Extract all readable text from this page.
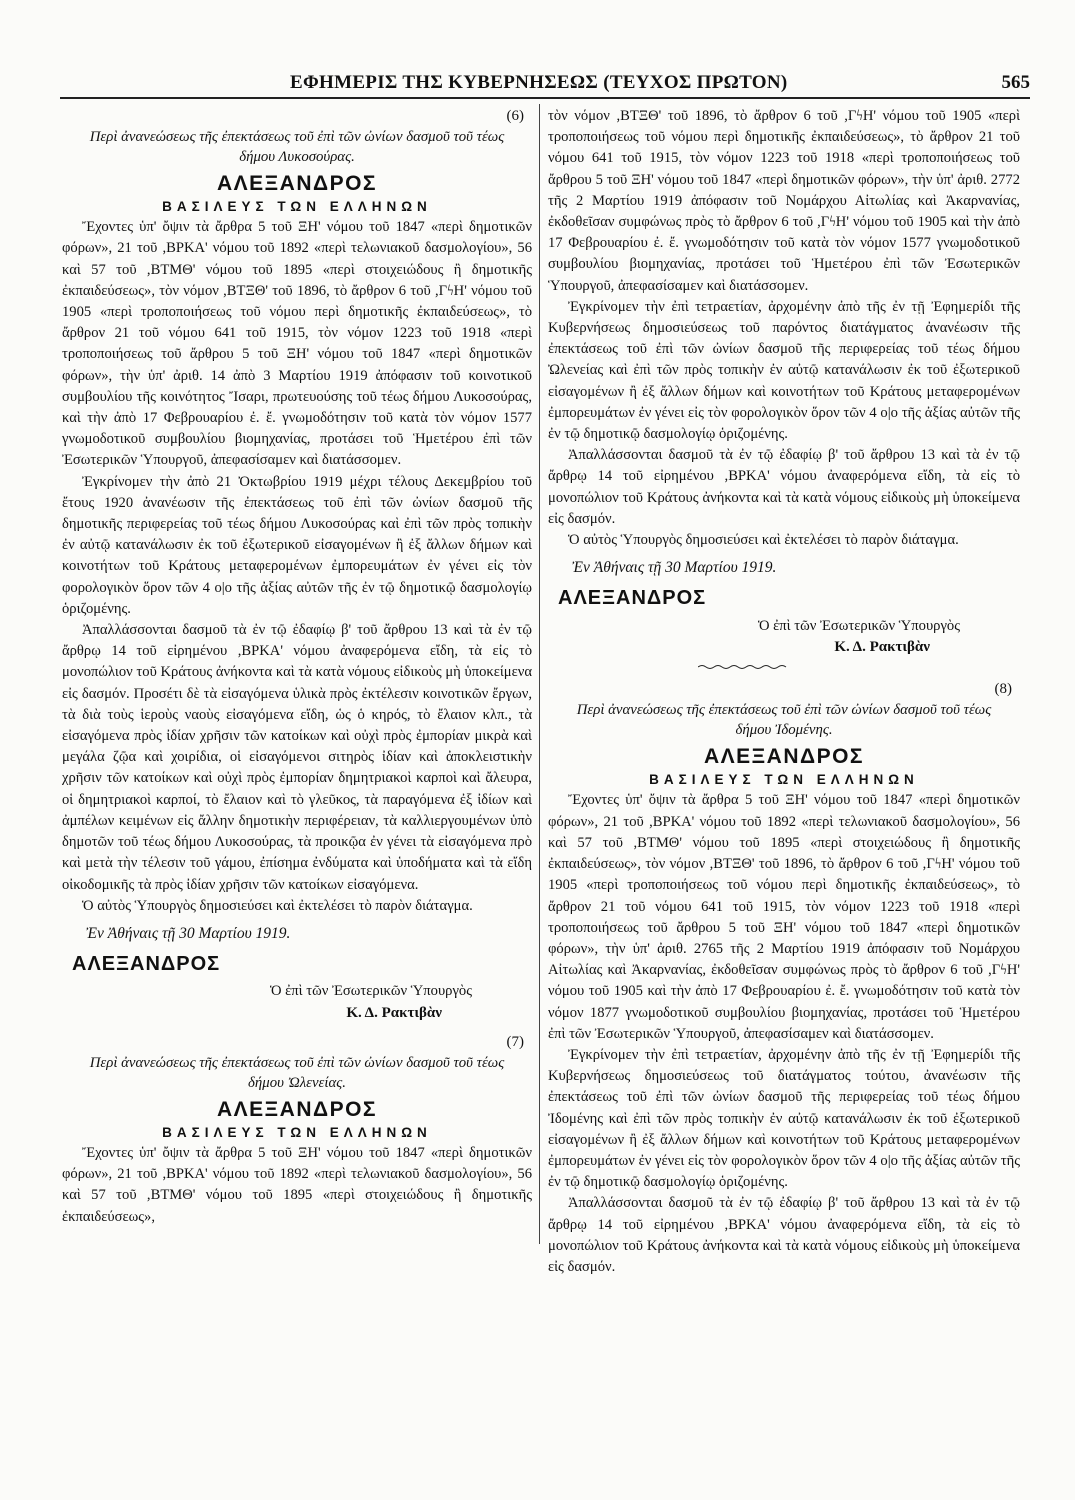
ΕΦΗΜΕΡΙΣ ΤΗΣ ΚΥΒΕΡΝΗΣΕΩΣ (ΤΕΥΧΟΣ ΠΡΩΤΟΝ)	565
(6)
Περὶ ἀνανεώσεως τῆς ἐπεκτάσεως τοῦ ἐπὶ τῶν ὠνίων δασμοῦ τοῦ τέως δήμου Λυκοσούρας.
ΑΛΕΞΑΝΔΡΟΣ
ΒΑΣΙΛΕΥΣ ΤΩΝ ΕΛΛΗΝΩΝ

Ἔχοντες ὑπ' ὄψιν τὰ ἄρθρα 5 τοῦ ΞΗ' νόμου τοῦ 1847 «περὶ δημοτικῶν φόρων», 21 τοῦ ,ΒΡΚΑ' νόμου τοῦ 1892 «περὶ τελωνιακοῦ δασμολογίου», 56 καὶ 57 τοῦ ,ΒΤΜΘ' νόμου τοῦ 1895 «περὶ στοιχειώδους ἢ δημοτικῆς ἐκπαιδεύσεως», τὸν νόμον ,ΒΤΞΘ' τοῦ 1896, τὸ ἄρθρον 6 τοῦ ,ΓϟΗ' νόμου τοῦ 1905 «περὶ τροποποιήσεως τοῦ νόμου περὶ δημοτικῆς ἐκπαιδεύσεως», τὸ ἄρθρον 21 τοῦ νόμου 641 τοῦ 1915, τὸν νόμον 1223 τοῦ 1918 «περὶ τροποποιήσεως τοῦ ἄρθρου 5 τοῦ ΞΗ' νόμου τοῦ 1847 «περὶ δημοτικῶν φόρων», τὴν ὑπ' ἀριθ. 14 ἀπὸ 3 Μαρτίου 1919 ἀπόφασιν τοῦ κοινοτικοῦ συμβουλίου τῆς κοινότητος Ἴσαρι, πρωτευούσης τοῦ τέως δήμου Λυκοσούρας, καὶ τὴν ἀπὸ 17 Φεβρουαρίου ἐ. ἔ. γνωμοδότησιν τοῦ κατὰ τὸν νόμον 1577 γνωμοδοτικοῦ συμβουλίου βιομηχανίας, προτάσει τοῦ Ἡμετέρου ἐπὶ τῶν Ἐσωτερικῶν Ὑπουργοῦ, ἀπεφασίσαμεν καὶ διατάσσομεν.

Ἐγκρίνομεν τὴν ἀπὸ 21 Ὀκτωβρίου 1919 μέχρι τέλους Δεκεμβρίου τοῦ ἔτους 1920 ἀνανέωσιν τῆς ἐπεκτάσεως τοῦ ἐπὶ τῶν ὠνίων δασμοῦ τῆς δημοτικῆς περιφερείας τοῦ τέως δήμου Λυκοσούρας καὶ ἐπὶ τῶν πρὸς τοπικὴν ἐν αὐτῷ κατανάλωσιν ἐκ τοῦ ἐξωτερικοῦ εἰσαγομένων ἢ ἐξ ἄλλων δήμων καὶ κοινοτήτων τοῦ Κράτους μεταφερομένων ἐμπορευμάτων ἐν γένει εἰς τὸν φορολογικὸν ὅρον τῶν 4 ο|ο τῆς ἀξίας αὐτῶν τῆς ἐν τῷ δημοτικῷ δασμολογίῳ ὁριζομένης.

Ἀπαλλάσσονται δασμοῦ τὰ ἐν τῷ ἐδαφίῳ β' τοῦ ἄρθρου 13 καὶ τὰ ἐν τῷ ἄρθρῳ 14 τοῦ εἰρημένου ,ΒΡΚΑ' νόμου ἀναφερόμενα εἴδη, τὰ εἰς τὸ μονοπώλιον τοῦ Κράτους ἀνήκοντα καὶ τὰ κατὰ νόμους εἰδικοὺς μὴ ὑποκείμενα εἰς δασμόν. Προσέτι δὲ τὰ εἰσαγόμενα ὑλικὰ πρὸς ἐκτέλεσιν κοινοτικῶν ἔργων, τὰ διὰ τοὺς ἱεροὺς ναοὺς εἰσαγόμενα εἴδη, ὡς ὁ κηρός, τὸ ἔλαιον κλπ., τὰ εἰσαγόμενα πρὸς ἰδίαν χρῆσιν τῶν κατοίκων καὶ οὐχὶ πρὸς ἐμπορίαν μικρὰ καὶ μεγάλα ζῷα καὶ χοιρίδια, οἱ εἰσαγόμενοι σιτηρὸς ἰδίαν καὶ ἀποκλειστικὴν χρῆσιν τῶν κατοίκων καὶ οὐχὶ πρὸς ἐμπορίαν δημητριακοὶ καρποὶ καὶ ἄλευρα, οἱ δημητριακοὶ καρποί, τὸ ἔλαιον καὶ τὸ γλεῦκος, τὰ παραγόμενα ἐξ ἰδίων καὶ ἀμπέλων κειμένων εἰς ἄλλην δημοτικὴν περιφέρειαν, τὰ καλλιεργουμένων ὑπὸ δημοτῶν τοῦ τέως δήμου Λυκοσούρας, τὰ προικῷα ἐν γένει τὰ εἰσαγόμενα πρὸ καὶ μετὰ τὴν τέλεσιν τοῦ γάμου, ἐπίσημα ἐνδύματα καὶ ὑποδήματα καὶ τὰ εἴδη οἰκοδομικῆς τὰ πρὸς ἰδίαν χρῆσιν τῶν κατοίκων εἰσαγόμενα.

Ὁ αὐτὸς Ὑπουργὸς δημοσιεύσει καὶ ἐκτελέσει τὸ παρὸν διάταγμα.

Ἐν Ἀθήναις τῇ 30 Μαρτίου 1919.
ΑΛΕΞΑΝΔΡΟΣ
Ὁ ἐπὶ τῶν Ἐσωτερικῶν Ὑπουργὸς
Κ. Δ. Ρακτιβὰν
(7)
Περὶ ἀνανεώσεως τῆς ἐπεκτάσεως τοῦ ἐπὶ τῶν ὠνίων δασμοῦ τοῦ τέως δήμου Ὠλενείας.
ΑΛΕΞΑΝΔΡΟΣ
ΒΑΣΙΛΕΥΣ ΤΩΝ ΕΛΛΗΝΩΝ

Ἔχοντες ὑπ' ὄψιν τὰ ἄρθρα 5 τοῦ ΞΗ' νόμου τοῦ 1847 «περὶ δημοτικῶν φόρων», 21 τοῦ ,ΒΡΚΑ' νόμου τοῦ 1892 «περὶ τελωνιακοῦ δασμολογίου», 56 καὶ 57 τοῦ ,ΒΤΜΘ' νόμου τοῦ 1895 «περὶ στοιχειώδους ἢ δημοτικῆς ἐκπαιδεύσεως»,

τὸν νόμον ,ΒΤΞΘ' τοῦ 1896, τὸ ἄρθρον 6 τοῦ ,ΓϟΗ' νόμου τοῦ 1905 «περὶ τροποποιήσεως τοῦ νόμου περὶ δημοτικῆς ἐκπαιδεύσεως», τὸ ἄρθρον 21 τοῦ νόμου 641 τοῦ 1915, τὸν νόμον 1223 τοῦ 1918 «περὶ τροποποιήσεως τοῦ ἄρθρου 5 τοῦ ΞΗ' νόμου τοῦ 1847 «περὶ δημοτικῶν φόρων», τὴν ὑπ' ἀριθ. 2772 τῆς 2 Μαρτίου 1919 ἀπόφασιν τοῦ Νομάρχου Αἰτωλίας καὶ Ἀκαρνανίας, ἐκδοθεῖσαν συμφώνως πρὸς τὸ ἄρθρον 6 τοῦ ,ΓϟΗ' νόμου τοῦ 1905 καὶ τὴν ἀπὸ 17 Φεβρουαρίου ἐ. ἔ. γνωμοδότησιν τοῦ κατὰ τὸν νόμον 1577 γνωμοδοτικοῦ συμβουλίου βιομηχανίας, προτάσει τοῦ Ἡμετέρου ἐπὶ τῶν Ἐσωτερικῶν Ὑπουργοῦ, ἀπεφασίσαμεν καὶ διατάσσομεν.

Ἐγκρίνομεν τὴν ἐπὶ τετραετίαν, ἀρχομένην ἀπὸ τῆς ἐν τῇ Ἐφημερίδι τῆς Κυβερνήσεως δημοσιεύσεως τοῦ παρόντος διατάγματος ἀνανέωσιν τῆς ἐπεκτάσεως τοῦ ἐπὶ τῶν ὠνίων δασμοῦ τῆς περιφερείας τοῦ τέως δήμου Ὠλενείας καὶ ἐπὶ τῶν πρὸς τοπικὴν ἐν αὐτῷ κατανάλωσιν ἐκ τοῦ ἐξωτερικοῦ εἰσαγομένων ἢ ἐξ ἄλλων δήμων καὶ κοινοτήτων τοῦ Κράτους μεταφερομένων ἐμπορευμάτων ἐν γένει εἰς τὸν φορολογικὸν ὅρον τῶν 4 ο|ο τῆς ἀξίας αὐτῶν τῆς ἐν τῷ δημοτικῷ δασμολογίῳ ὁριζομένης.

Ἀπαλλάσσονται δασμοῦ τὰ ἐν τῷ ἐδαφίῳ β' τοῦ ἄρθρου 13 καὶ τὰ ἐν τῷ ἄρθρῳ 14 τοῦ εἰρημένου ,ΒΡΚΑ' νόμου ἀναφερόμενα εἴδη, τὰ εἰς τὸ μονοπώλιον τοῦ Κράτους ἀνήκοντα καὶ τὰ κατὰ νόμους εἰδικοὺς μὴ ὑποκείμενα εἰς δασμόν.

Ὁ αὐτὸς Ὑπουργὸς δημοσιεύσει καὶ ἐκτελέσει τὸ παρὸν διάταγμα.

Ἐν Ἀθήναις τῇ 30 Μαρτίου 1919.
ΑΛΕΞΑΝΔΡΟΣ
Ὁ ἐπὶ τῶν Ἐσωτερικῶν Ὑπουργὸς
Κ. Δ. Ρακτιβὰν
(8)
Περὶ ἀνανεώσεως τῆς ἐπεκτάσεως τοῦ ἐπὶ τῶν ὠνίων δασμοῦ τοῦ τέως δήμου Ἰδομένης.
ΑΛΕΞΑΝΔΡΟΣ
ΒΑΣΙΛΕΥΣ ΤΩΝ ΕΛΛΗΝΩΝ

Ἔχοντες ὑπ' ὄψιν τὰ ἄρθρα 5 τοῦ ΞΗ' νόμου τοῦ 1847 «περὶ δημοτικῶν φόρων», 21 τοῦ ,ΒΡΚΑ' νόμου τοῦ 1892 «περὶ τελωνιακοῦ δασμολογίου», 56 καὶ 57 τοῦ ,ΒΤΜΘ' νόμου τοῦ 1895 «περὶ στοιχειώδους ἢ δημοτικῆς ἐκπαιδεύσεως», τὸν νόμον ,ΒΤΞΘ' τοῦ 1896, τὸ ἄρθρον 6 τοῦ ,ΓϟΗ' νόμου τοῦ 1905 «περὶ τροποποιήσεως τοῦ νόμου περὶ δημοτικῆς ἐκπαιδεύσεως», τὸ ἄρθρον 21 τοῦ νόμου 641 τοῦ 1915, τὸν νόμον 1223 τοῦ 1918 «περὶ τροποποιήσεως τοῦ ἄρθρου 5 τοῦ ΞΗ' νόμου τοῦ 1847 «περὶ δημοτικῶν φόρων», τὴν ὑπ' ἀριθ. 2765 τῆς 2 Μαρτίου 1919 ἀπόφασιν τοῦ Νομάρχου Αἰτωλίας καὶ Ἀκαρνανίας, ἐκδοθεῖσαν συμφώνως πρὸς τὸ ἄρθρον 6 τοῦ ,ΓϟΗ' νόμου τοῦ 1905 καὶ τὴν ἀπὸ 17 Φεβρουαρίου ἐ. ἔ. γνωμοδότησιν τοῦ κατὰ τὸν νόμον 1877 γνωμοδοτικοῦ συμβουλίου βιομηχανίας, προτάσει τοῦ Ἡμετέρου ἐπὶ τῶν Ἐσωτερικῶν Ὑπουργοῦ, ἀπεφασίσαμεν καὶ διατάσσομεν.

Ἐγκρίνομεν τὴν ἐπὶ τετραετίαν, ἀρχομένην ἀπὸ τῆς ἐν τῇ Ἐφημερίδι τῆς Κυβερνήσεως δημοσιεύσεως τοῦ διατάγματος τούτου, ἀνανέωσιν τῆς ἐπεκτάσεως τοῦ ἐπὶ τῶν ὠνίων δασμοῦ τῆς περιφερείας τοῦ τέως δήμου Ἰδομένης καὶ ἐπὶ τῶν πρὸς τοπικὴν ἐν αὐτῷ κατανάλωσιν ἐκ τοῦ ἐξωτερικοῦ εἰσαγομένων ἢ ἐξ ἄλλων δήμων καὶ κοινοτήτων τοῦ Κράτους μεταφερομένων ἐμπορευμάτων ἐν γένει εἰς τὸν φορολογικὸν ὅρον τῶν 4 ο|ο τῆς ἀξίας αὐτῶν τῆς ἐν τῷ δημοτικῷ δασμολογίῳ ὁριζομένης.

Ἀπαλλάσσονται δασμοῦ τὰ ἐν τῷ ἐδαφίῳ β' τοῦ ἄρθρου 13 καὶ τὰ ἐν τῷ ἄρθρῳ 14 τοῦ εἰρημένου ,ΒΡΚΑ' νόμου ἀναφερόμενα εἴδη, τὰ εἰς τὸ μονοπώλιον τοῦ Κράτους ἀνήκοντα καὶ τὰ κατὰ νόμους εἰδικοὺς μὴ ὑποκείμενα εἰς δασμόν.
